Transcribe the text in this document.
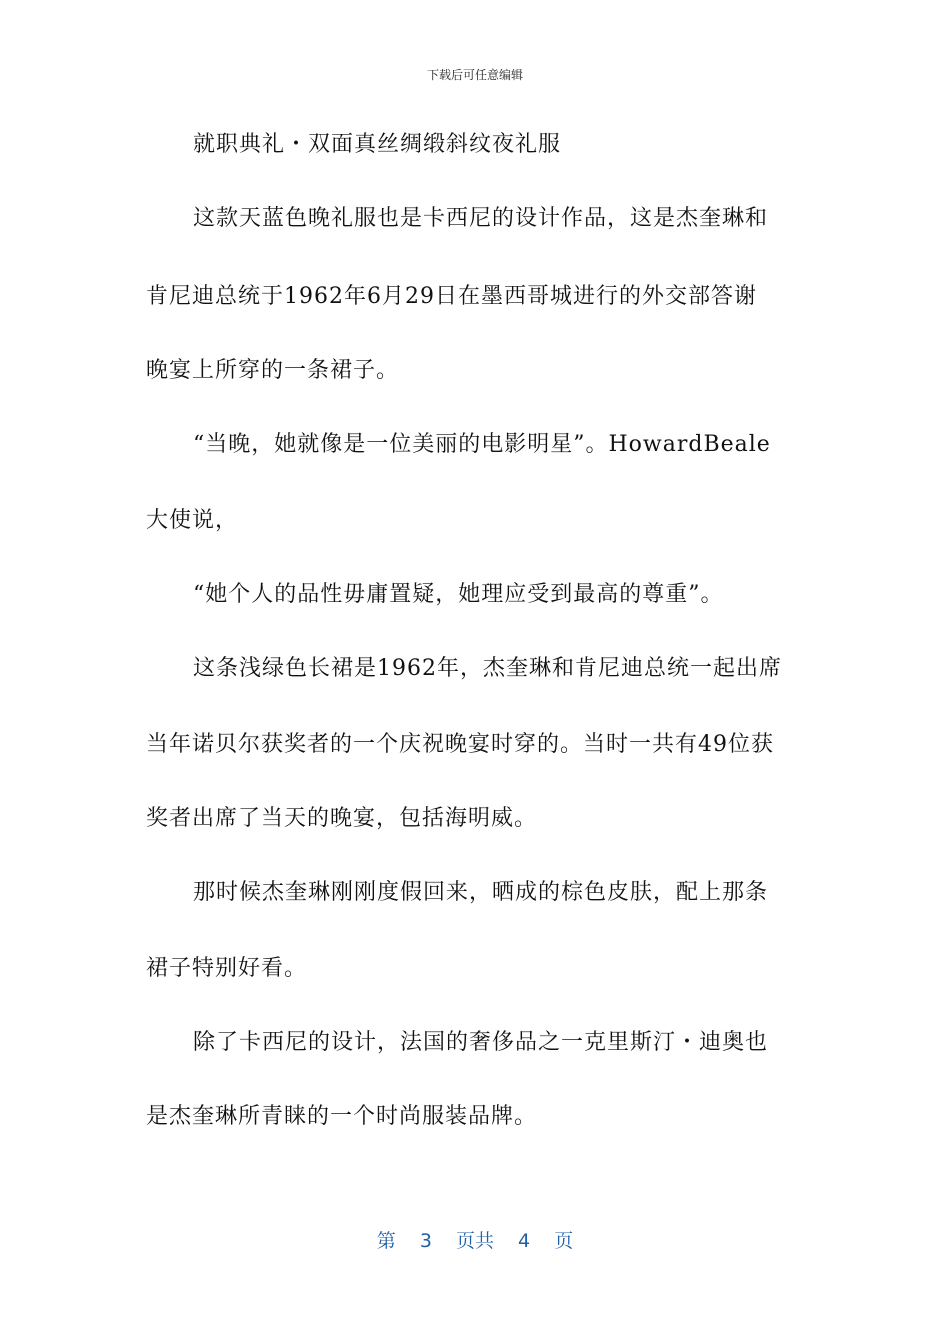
下载后可任意编辑
就职典礼・双面真丝绸缎斜纹夜礼服
这款天蓝色晚礼服也是卡西尼的设计作品，这是杰奎琳和
肯尼迪总统于1962年6月29日在墨西哥城进行的外交部答谢
晚宴上所穿的一条裙子。
“当晚，她就像是一位美丽的电影明星”。HowardBeale
大使说，
“她个人的品性毋庸置疑，她理应受到最高的尊重”。
这条浅绿色长裙是1962年，杰奎琳和肯尼迪总统一起出席
当年诺贝尔获奖者的一个庆祝晚宴时穿的。当时一共有49位获
奖者出席了当天的晚宴，包括海明威。
那时候杰奎琳刚刚度假回来，晒成的棕色皮肤，配上那条
裙子特别好看。
除了卡西尼的设计，法国的奢侈品之一克里斯汀・迪奥也
是杰奎琳所青睐的一个时尚服装品牌。
第 3 页共 4 页
